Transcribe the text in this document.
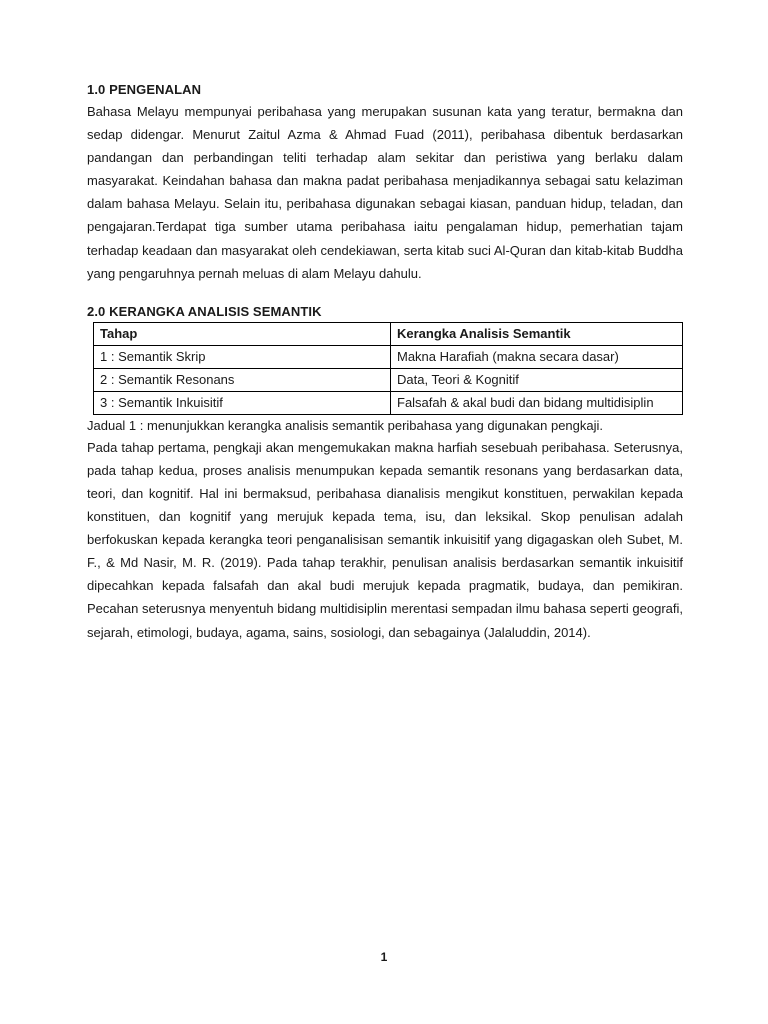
1.0 PENGENALAN

Bahasa Melayu mempunyai peribahasa yang merupakan susunan kata yang teratur, bermakna dan sedap didengar. Menurut Zaitul Azma & Ahmad Fuad (2011), peribahasa dibentuk berdasarkan pandangan dan perbandingan teliti terhadap alam sekitar dan peristiwa yang berlaku dalam masyarakat. Keindahan bahasa dan makna padat peribahasa menjadikannya sebagai satu kelaziman dalam bahasa Melayu. Selain itu, peribahasa digunakan sebagai kiasan, panduan hidup, teladan, dan pengajaran.Terdapat tiga sumber utama peribahasa iaitu pengalaman hidup, pemerhatian tajam terhadap keadaan dan masyarakat oleh cendekiawan, serta kitab suci Al-Quran dan kitab-kitab Buddha yang pengaruhnya pernah meluas di alam Melayu dahulu.

2.0 KERANGKA ANALISIS SEMANTIK
Tahap	Kerangka Analisis Semantik
1 : Semantik Skrip	Makna Harafiah (makna secara dasar)
2 : Semantik Resonans	Data, Teori & Kognitif
3 : Semantik Inkuisitif	Falsafah & akal budi dan bidang multidisiplin

Jadual 1 : menunjukkan kerangka analisis semantik peribahasa yang digunakan pengkaji.

Pada tahap pertama, pengkaji akan mengemukakan makna harfiah sesebuah peribahasa. Seterusnya, pada tahap kedua, proses analisis menumpukan kepada semantik resonans yang berdasarkan data, teori, dan kognitif. Hal ini bermaksud, peribahasa dianalisis mengikut konstituen, perwakilan kepada konstituen, dan kognitif yang merujuk kepada tema, isu, dan leksikal. Skop penulisan adalah berfokuskan kepada kerangka teori penganalisisan semantik inkuisitif yang digagaskan oleh Subet, M. F., & Md Nasir, M. R. (2019). Pada tahap terakhir, penulisan analisis berdasarkan semantik inkuisitif dipecahkan kepada falsafah dan akal budi merujuk kepada pragmatik, budaya, dan pemikiran. Pecahan seterusnya menyentuh bidang multidisiplin merentasi sempadan ilmu bahasa seperti geografi, sejarah, etimologi, budaya, agama, sains, sosiologi, dan sebagainya (Jalaluddin, 2014).

1
